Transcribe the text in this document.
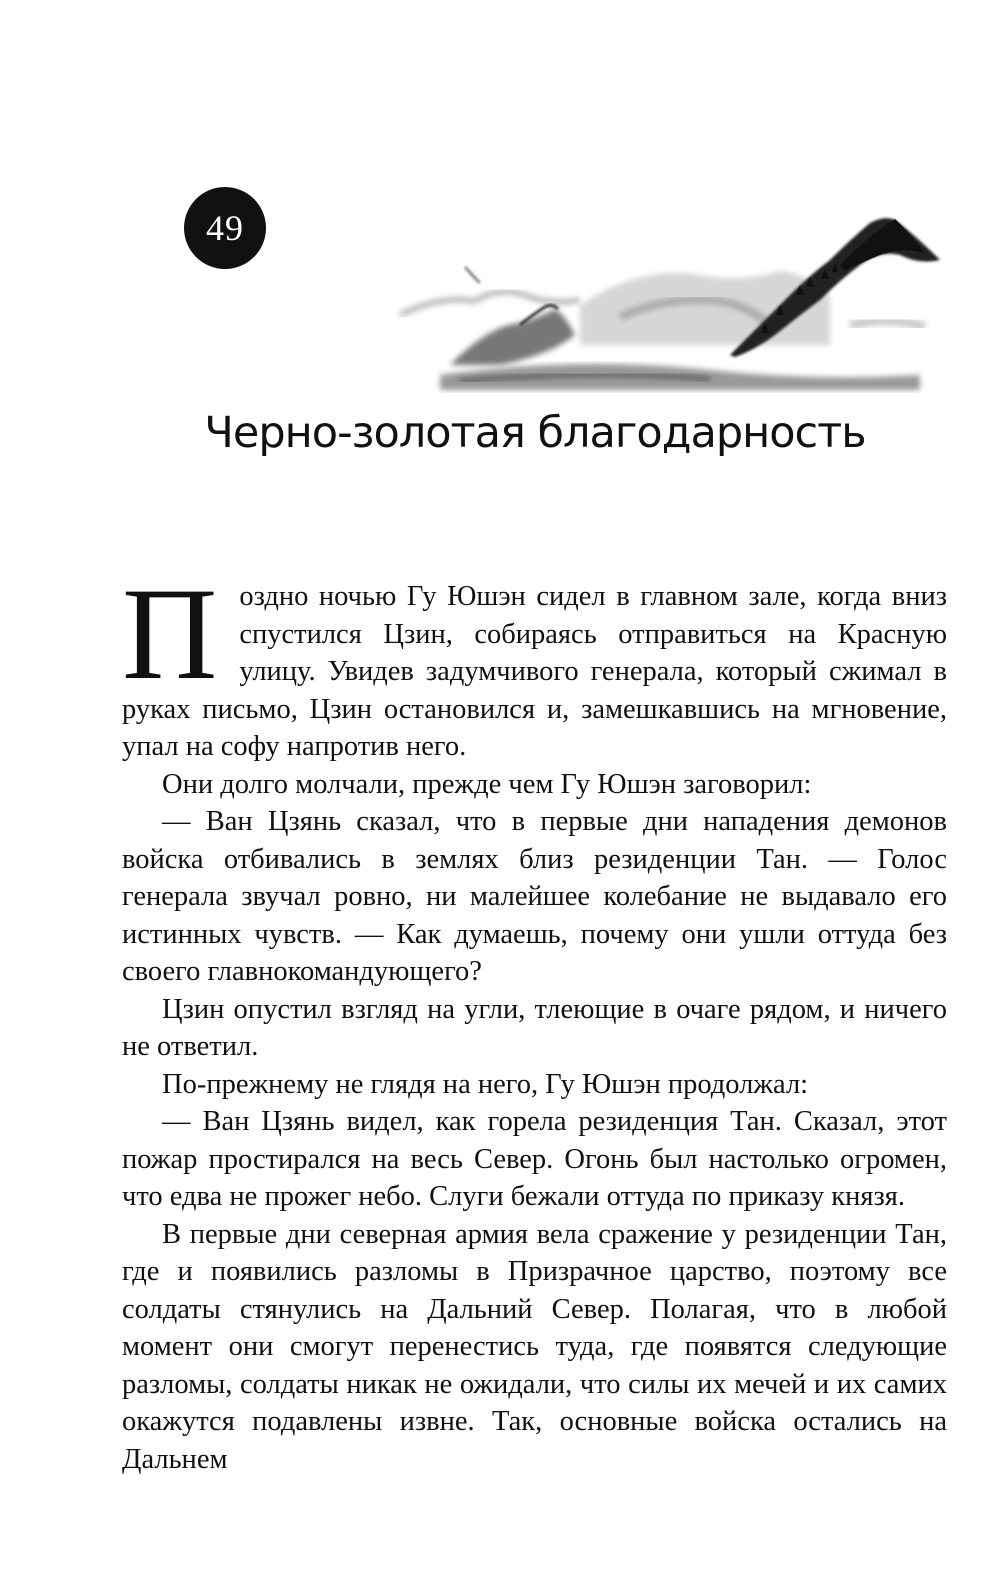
49
Черно-золотая благодарность

Поздно ночью Гу Юшэн сидел в главном зале, когда вниз спустился Цзин, собираясь отправиться на Красную улицу. Увидев задумчивого генерала, который сжимал в руках письмо, Цзин остановился и, замешкавшись на мгновение, упал на софу напротив него.

Они долго молчали, прежде чем Гу Юшэн заговорил:

— Ван Цзянь сказал, что в первые дни нападения демонов войска отбивались в землях близ резиденции Тан. — Голос генерала звучал ровно, ни малейшее колебание не выдавало его истинных чувств. — Как думаешь, почему они ушли оттуда без своего главнокомандующего?

Цзин опустил взгляд на угли, тлеющие в очаге рядом, и ничего не ответил.

По-прежнему не глядя на него, Гу Юшэн продолжал:

— Ван Цзянь видел, как горела резиденция Тан. Сказал, этот пожар простирался на весь Север. Огонь был настолько огромен, что едва не прожег небо. Слуги бежали оттуда по приказу князя.

В первые дни северная армия вела сражение у резиденции Тан, где и появились разломы в Призрачное царство, поэтому все солдаты стянулись на Дальний Север. Полагая, что в любой момент они смогут перенестись туда, где появятся следующие разломы, солдаты никак не ожидали, что силы их мечей и их самих окажутся подавлены извне. Так, основные войска остались на Дальнем
